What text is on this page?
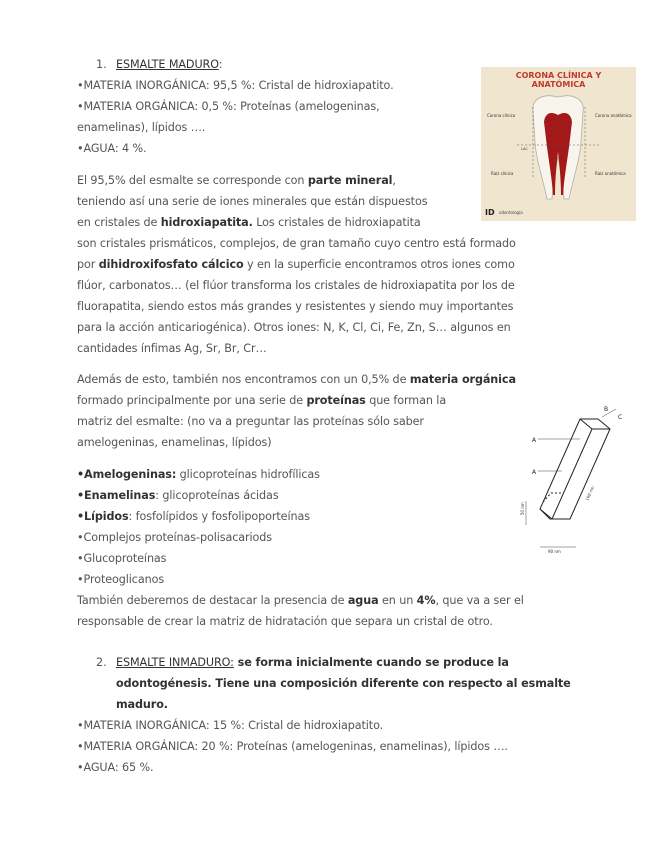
1. ESMALTE MADURO:
•MATERIA INORGÁNICA: 95,5 %: Cristal de hidroxiapatito.
•MATERIA ORGÁNICA: 0,5 %: Proteínas (amelogeninas,
enamelinas), lípidos ….
•AGUA: 4 %.
El 95,5% del esmalte se corresponde con parte mineral,
teniendo así una serie de iones minerales que están dispuestos
en cristales de hidroxiapatita. Los cristales de hidroxiapatita
son cristales prismáticos, complejos, de gran tamaño cuyo centro está formado
por dihidroxifosfato cálcico y en la superficie encontramos otros iones como
flúor, carbonatos… (el flúor transforma los cristales de hidroxiapatita por los de
fluorapatita, siendo estos más grandes y resistentes y siendo muy importantes
para la acción anticariogénica). Otros iones: N, K, Cl, Ci, Fe, Zn, S… algunos en
cantidades ínfimas Ag, Sr, Br, Cr…
Además de esto, también nos encontramos con un 0,5% de materia orgánica
formado principalmente por una serie de proteínas que forman la
matriz del esmalte: (no va a preguntar las proteínas sólo saber
amelogeninas, enamelinas, lípidos)
•Amelogeninas: glicoproteínas hidrofílicas
•Enamelinas: glicoproteínas ácidas
•Lípidos: fosfolípidos y fosfolipoporteínas
•Complejos proteínas-polisacariods
•Glucoproteínas
•Proteoglicanos
También deberemos de destacar la presencia de agua en un 4%, que va a ser el
responsable de crear la matriz de hidratación que separa un cristal de otro.
2. ESMALTE INMADURO: se forma inicialmente cuando se produce la
odontogénesis. Tiene una composición diferente con respecto al esmalte
maduro.
•MATERIA INORGÁNICA: 15 %: Cristal de hidroxiapatito.
•MATERIA ORGÁNICA: 20 %: Proteínas (amelogeninas, enamelinas), lípidos ….
•AGUA: 65 %.
CORONA CLÍNICA Y
ANATÓMICA
Corona clínica	Corona anatómica
Raíz clínica	Raíz anatómica
LAC
ID odontología
A
A
B
C
50 nm
160 nm
90 nm
